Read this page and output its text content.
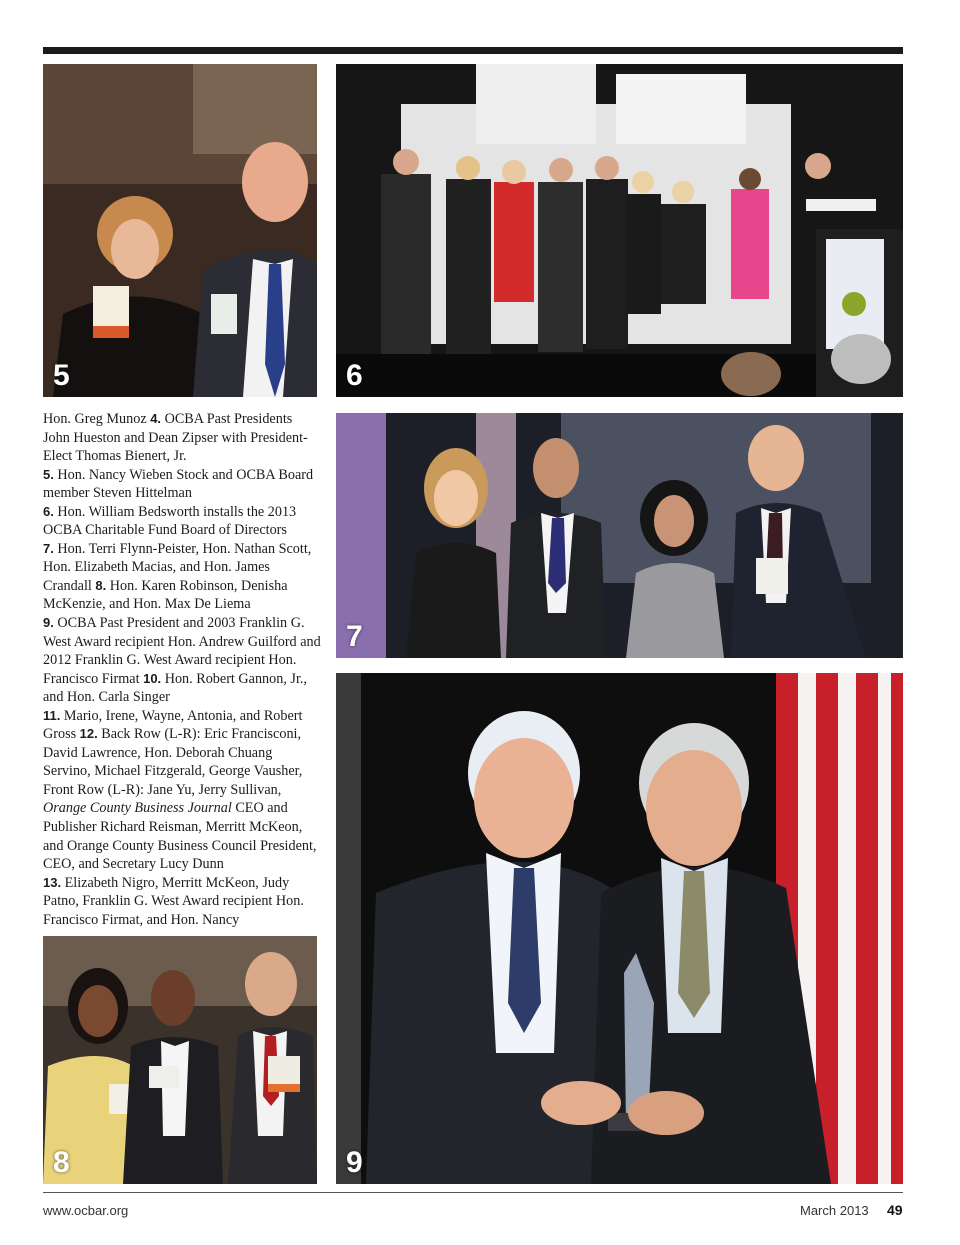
5	6
7
9

Hon. Greg Munoz 4. OCBA Past Presidents John Hueston and Dean Zipser with President-Elect Thomas Bienert, Jr.
5. Hon. Nancy Wieben Stock and OCBA Board member Steven Hittelman
6. Hon. William Bedsworth installs the 2013 OCBA Charitable Fund Board of Directors
7. Hon. Terri Flynn-Peister, Hon. Nathan Scott, Hon. Elizabeth Macias, and Hon. James Crandall 8. Hon. Karen Robinson, Denisha McKenzie, and Hon. Max De Liema
9. OCBA Past President and 2003 Franklin G. West Award recipient Hon. Andrew Guilford and 2012 Franklin G. West Award recipient Hon. Francisco Firmat 10. Hon. Robert Gannon, Jr., and Hon. Carla Singer
11. Mario, Irene, Wayne, Antonia, and Robert Gross 12. Back Row (L-R): Eric Francisconi, David Lawrence, Hon. Deborah Chuang Servino, Michael Fitzgerald, George Vausher, Front Row (L-R): Jane Yu, Jerry Sullivan, Orange County Business Journal CEO and Publisher Richard Reisman, Merritt McKeon, and Orange County Business Council President, CEO, and Secretary Lucy Dunn
13. Elizabeth Nigro, Merritt McKeon, Judy Patno, Franklin G. West Award recipient Hon. Francisco Firmat, and Hon. Nancy

8
www.ocbar.org	March 2013 49
